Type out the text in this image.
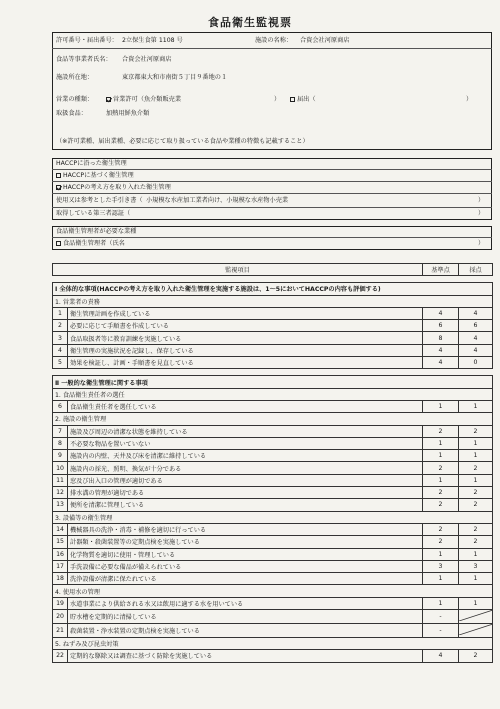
食品衛生監視票
許可番号・届出番号： 2立保生食第 1108 号	施設の名称： 合資会社河原商店
食品等事業者氏名： 合資会社河原商店
施設所在地：	東京都東大和市南街５丁目９番地の１
営業の種類：	営業許可（魚介類販売業	）	届出（	）
取扱食品：	加熱用鮮魚介類
（※許可業種、届出業種、必要に応じて取り扱っている食品や業種の特徴も記載すること）
HACCPに沿った衛生管理
HACCPに基づく衛生管理
HACCPの考え方を取り入れた衛生管理
使用又は参考とした手引き書（ 小規模な水産加工業者向け、小規模な水産物小売業	）
取得している第三者認証（	）
食品衛生管理者が必要な業種
食品衛生管理者（氏名	）
監視項目		基準点	採点

Ⅰ 全体的な事項(HACCPの考え方を取り入れた衛生管理を実施する施設は、1～5においてHACCPの内容も評価する)			
1. 営業者の責務			
1	衛生管理計画を作成している	4	4
2	必要に応じて手順書を作成している	6	6
3	食品取扱者等に教育訓練を実施している	8	4
4	衛生管理の実施状況を記録し、保存している	4	4
5	効果を検証し、計画・手順書を見直している	4	0

Ⅱ 一般的な衛生管理に関する事項			
1. 食品衛生責任者の選任			
6	食品衛生責任者を選任している	1	1
2. 施設の衛生管理			
7	施設及び周辺の清潔な状態を維持している	2	2
8	不必要な物品を置いていない	1	1
9	施設内の内壁、天井及び床を清潔に維持している	1	1
10	施設内の採光、照明、換気が十分である	2	2
11	窓及び出入口の管理が適切である	1	1
12	排水溝の管理が適切である	2	2
13	便所を清潔に管理している	2	2
3. 設備等の衛生管理			
14	機械器具の洗浄・消毒・補修を適切に行っている	2	2
15	計器類・殺菌装置等の定期点検を実施している	2	2
16	化学物質を適切に使用・管理している	1	1
17	手洗設備に必要な備品が備えられている	3	3
18	洗浄設備が清潔に保たれている	1	1
4. 使用水の管理			
19	水道事業により供給される水又は飲用に適する水を用いている	1	1
20	貯水槽を定期的に清掃している	-	
21	殺菌装置・浄水装置の定期点検を実施している	-	
5. ねずみ及び昆虫対策			
22	定期的な駆除又は調査に基づく防除を実施している	4	2
